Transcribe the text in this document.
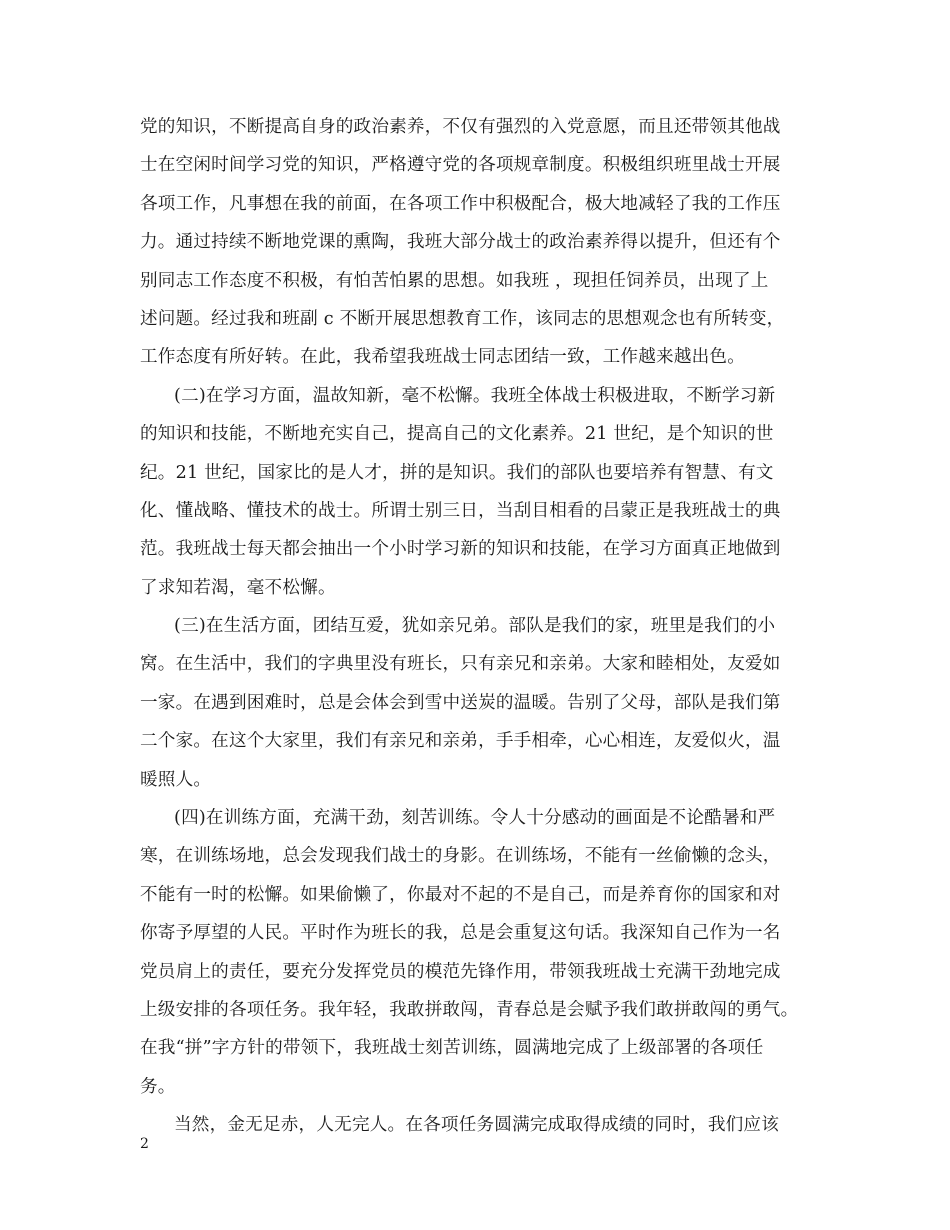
党的知识，不断提高自身的政治素养，不仅有强烈的入党意愿，而且还带领其他战
士在空闲时间学习党的知识，严格遵守党的各项规章制度。积极组织班里战士开展
各项工作，凡事想在我的前面，在各项工作中积极配合，极大地减轻了我的工作压
力。通过持续不断地党课的熏陶，我班大部分战士的政治素养得以提升，但还有个
别同志工作态度不积极，有怕苦怕累的思想。如我班 ，现担任饲养员，出现了上
述问题。经过我和班副 c 不断开展思想教育工作，该同志的思想观念也有所转变，
工作态度有所好转。在此，我希望我班战士同志团结一致，工作越来越出色。
(二)在学习方面，温故知新，毫不松懈。我班全体战士积极进取，不断学习新
的知识和技能，不断地充实自己，提高自己的文化素养。21 世纪，是个知识的世
纪。21 世纪，国家比的是人才，拼的是知识。我们的部队也要培养有智慧、有文
化、懂战略、懂技术的战士。所谓士别三日，当刮目相看的吕蒙正是我班战士的典
范。我班战士每天都会抽出一个小时学习新的知识和技能，在学习方面真正地做到
了求知若渴，毫不松懈。
(三)在生活方面，团结互爱，犹如亲兄弟。部队是我们的家，班里是我们的小
窝。在生活中，我们的字典里没有班长，只有亲兄和亲弟。大家和睦相处，友爱如
一家。在遇到困难时，总是会体会到雪中送炭的温暖。告别了父母，部队是我们第
二个家。在这个大家里，我们有亲兄和亲弟，手手相牵，心心相连，友爱似火，温
暖照人。
(四)在训练方面，充满干劲，刻苦训练。令人十分感动的画面是不论酷暑和严
寒，在训练场地，总会发现我们战士的身影。在训练场，不能有一丝偷懒的念头，
不能有一时的松懈。如果偷懒了，你最对不起的不是自己，而是养育你的国家和对
你寄予厚望的人民。平时作为班长的我，总是会重复这句话。我深知自己作为一名
党员肩上的责任，要充分发挥党员的模范先锋作用，带领我班战士充满干劲地完成
上级安排的各项任务。我年轻，我敢拼敢闯，青春总是会赋予我们敢拼敢闯的勇气。
在我“拼”字方针的带领下，我班战士刻苦训练，圆满地完成了上级部署的各项任
务。
当然，金无足赤，人无完人。在各项任务圆满完成取得成绩的同时，我们应该
2
